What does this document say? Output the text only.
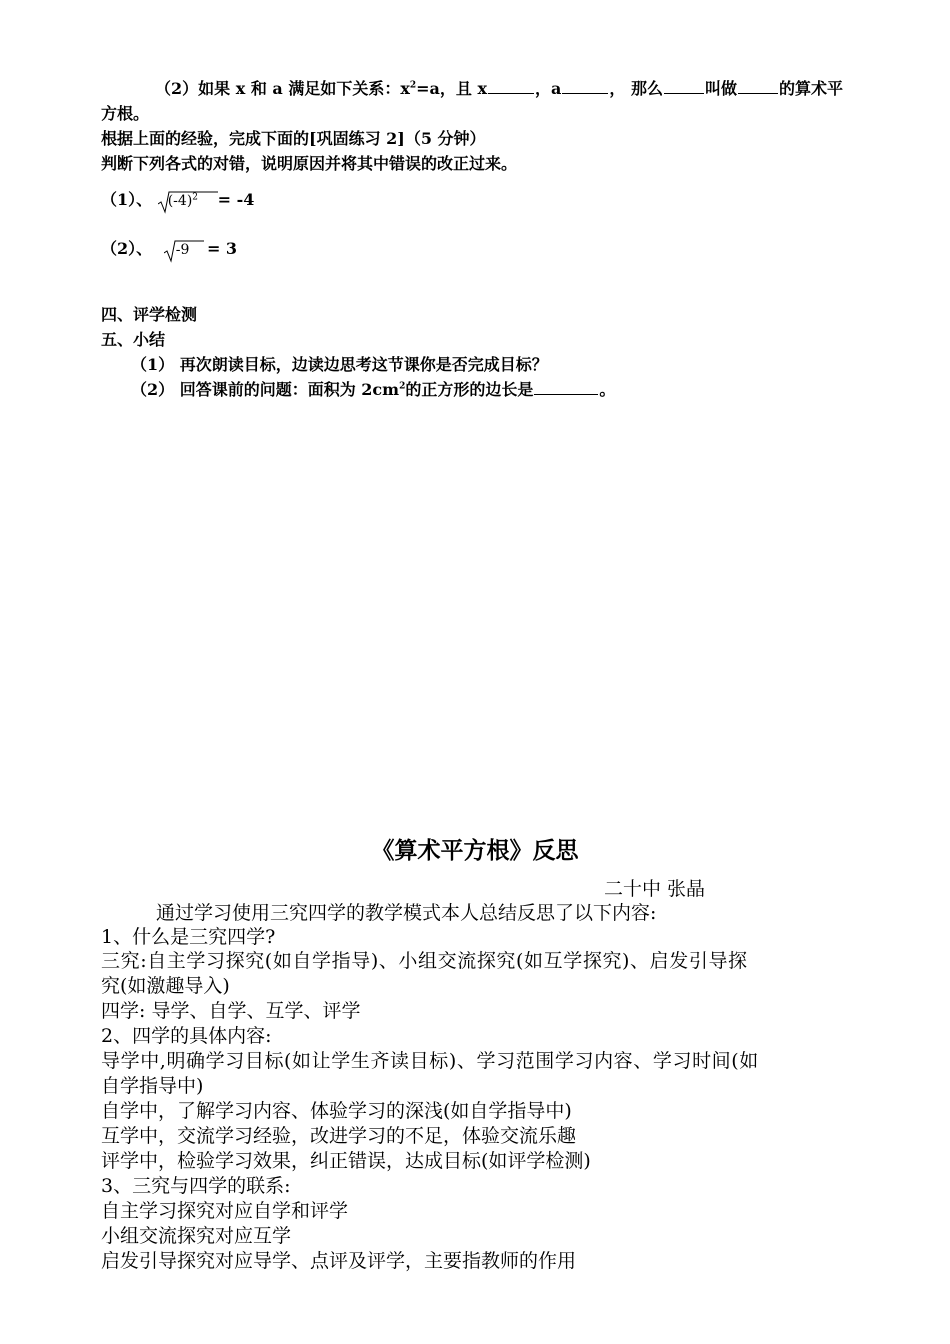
（2）如果 x 和 a 满足如下关系：$x^2=a$，且 x	，a	， 那么	叫做	的算术平
方根。
根据上面的经验，完成下面的[巩固练习 2]（5 分钟）
判断下列各式的对错，说明原因并将其中错误的改正过来。
（1）、 $(-4)^2 = -4$
（2）、 -9 = 3
四、评学检测
五、小结
（1） 再次朗读目标，边读边思考这节课你是否完成目标？
（2） 回答课前的问题：面积为 $2cm^2$的正方形的边长是	。
《算术平方根》反思
二十中 张晶
通过学习使用三究四学的教学模式本人总结反思了以下内容:
1、什么是三究四学?
三究:自主学习探究(如自学指导)、小组交流探究(如互学探究)、启发引导探
究(如激趣导入)
四学: 导学、自学、互学、评学
2、四学的具体内容:
导学中,明确学习目标(如让学生齐读目标)、学习范围学习内容、学习时间(如
自学指导中)
自学中，了解学习内容、体验学习的深浅(如自学指导中)
互学中，交流学习经验，改进学习的不足，体验交流乐趣
评学中，检验学习效果，纠正错误，达成目标(如评学检测)
3、三究与四学的联系:
自主学习探究对应自学和评学
小组交流探究对应互学
启发引导探究对应导学、点评及评学，主要指教师的作用
